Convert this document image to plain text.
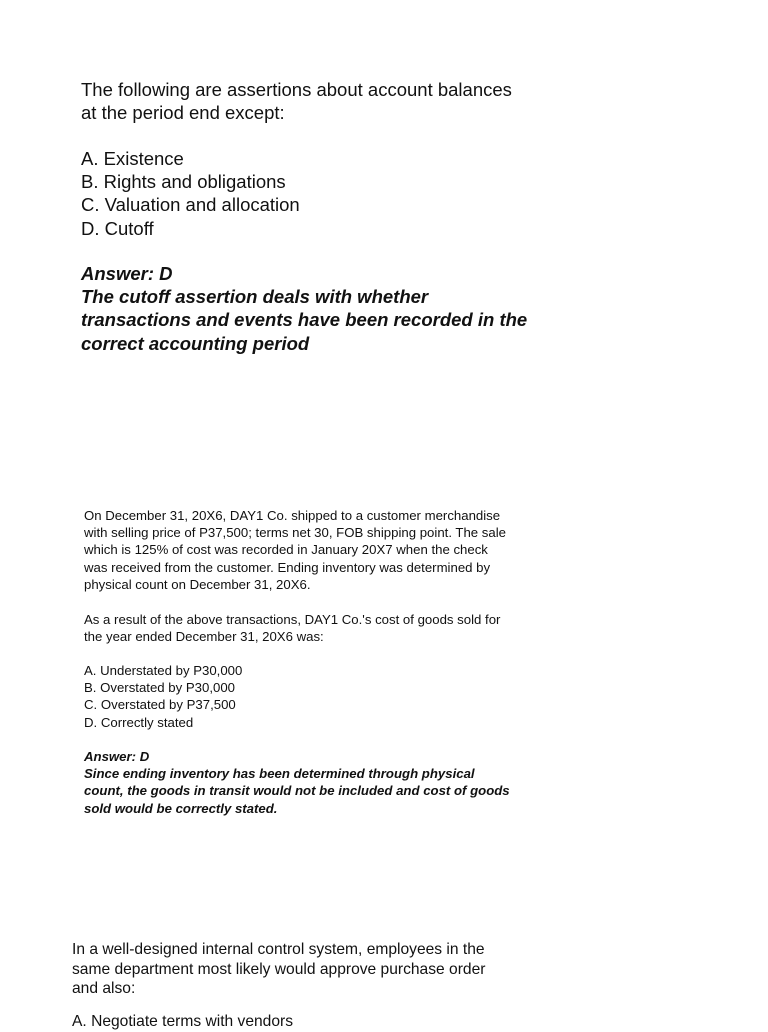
The following are assertions about account balances
at the period end except:
A. Existence
B. Rights and obligations
C. Valuation and allocation
D. Cutoff
Answer: D
The cutoff assertion deals with whether
transactions and events have been recorded in the
correct accounting period
On December 31, 20X6, DAY1 Co. shipped to a customer merchandise
with selling price of P37,500; terms net 30, FOB shipping point. The sale
which is 125% of cost was recorded in January 20X7 when the check
was received from the customer. Ending inventory was determined by
physical count on December 31, 20X6.
As a result of the above transactions, DAY1 Co.'s cost of goods sold for
the year ended December 31, 20X6 was:
A. Understated by P30,000
B. Overstated by P30,000
C. Overstated by P37,500
D. Correctly stated
Answer: D
Since ending inventory has been determined through physical
count, the goods in transit would not be included and cost of goods
sold would be correctly stated.
In a well-designed internal control system, employees in the
same department most likely would approve purchase order
and also:
A. Negotiate terms with vendors
